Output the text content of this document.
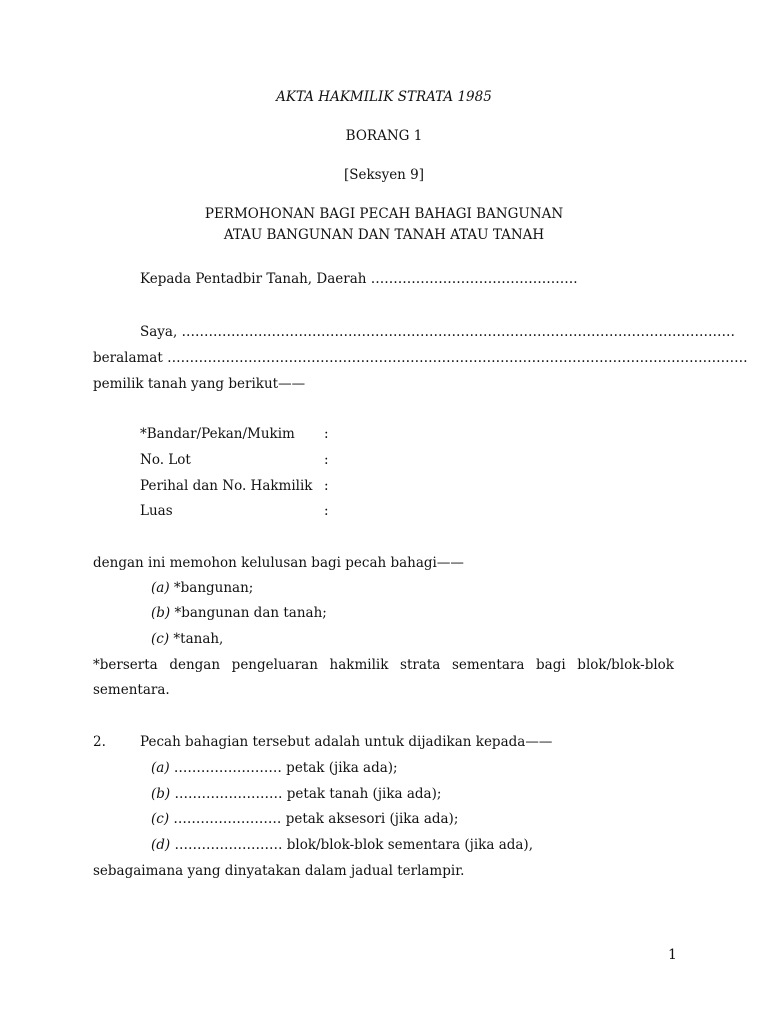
AKTA HAKMILIK STRATA 1985
BORANG 1
[Seksyen 9]
PERMOHONAN BAGI PECAH BAHAGI BANGUNAN
ATAU BANGUNAN DAN TANAH ATAU TANAH
Kepada Pentadbir Tanah, Daerah ……………………………………….
Saya, ……………………………………………………………………………………………………………
beralamat …………………………………………………………………………………………………………………
pemilik tanah yang berikut——
*Bandar/Pekan/Mukim :
No. Lot	:
Perihal dan No. Hakmilik :
Luas	:
dengan ini memohon kelulusan bagi pecah bahagi——
(a) *bangunan;
(b) *bangunan dan tanah;
(c) *tanah,
*berserta dengan pengeluaran hakmilik strata sementara bagi blok/blok-blok
sementara.
2.	Pecah bahagian tersebut adalah untuk dijadikan kepada——
(a) …………………… petak (jika ada);
(b) …………………… petak tanah (jika ada);
(c) …………………… petak aksesori (jika ada);
(d) …………………… blok/blok-blok sementara (jika ada),
sebagaimana yang dinyatakan dalam jadual terlampir.
1
